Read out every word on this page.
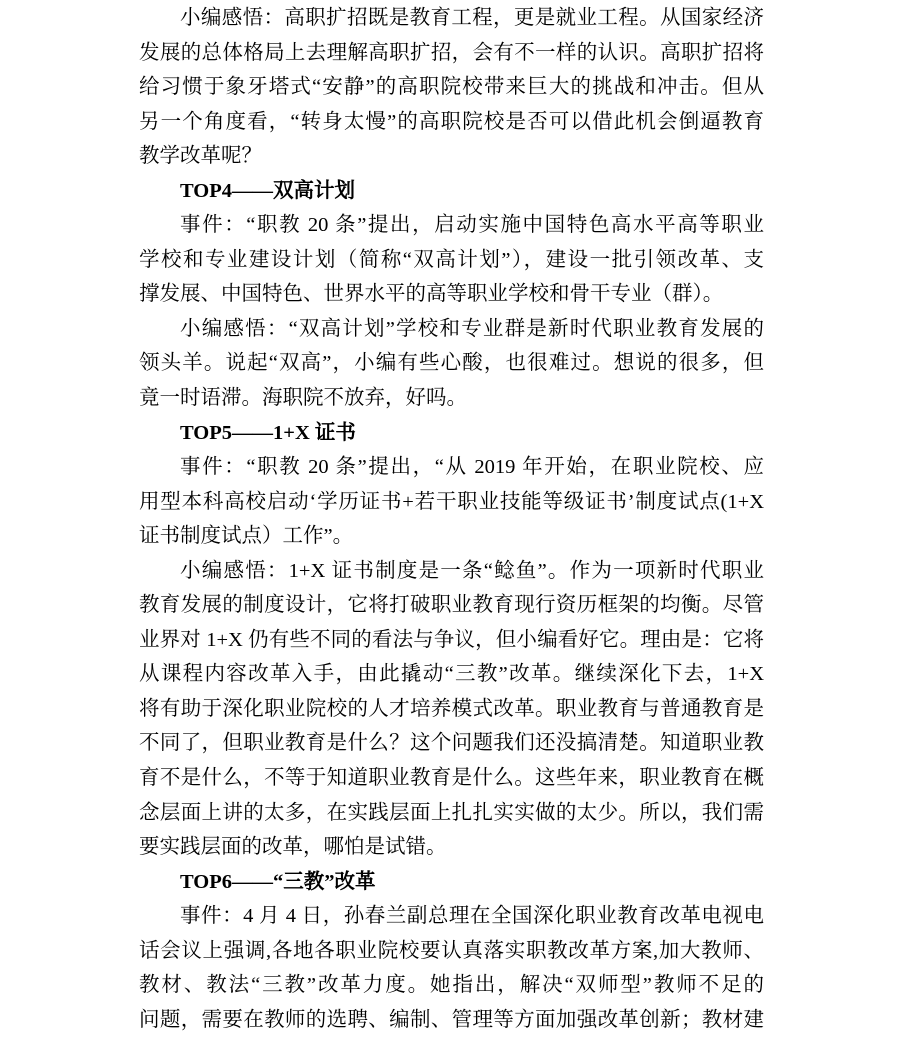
小编感悟：高职扩招既是教育工程，更是就业工程。从国家经济
发展的总体格局上去理解高职扩招，会有不一样的认识。高职扩招将
给习惯于象牙塔式“安静”的高职院校带来巨大的挑战和冲击。但从
另一个角度看，“转身太慢”的高职院校是否可以借此机会倒逼教育
教学改革呢？
TOP4——双高计划
事件：“职教 20 条”提出，启动实施中国特色高水平高等职业
学校和专业建设计划（简称“双高计划”），建设一批引领改革、支
撑发展、中国特色、世界水平的高等职业学校和骨干专业（群）。
小编感悟：“双高计划”学校和专业群是新时代职业教育发展的
领头羊。说起“双高”，小编有些心酸，也很难过。想说的很多，但
竟一时语滞。海职院不放弃，好吗。
TOP5——1+X 证书
事件：“职教 20 条”提出，“从 2019 年开始，在职业院校、应
用型本科高校启动‘学历证书+若干职业技能等级证书’制度试点(1+X
证书制度试点）工作”。
小编感悟：1+X 证书制度是一条“鲶鱼”。作为一项新时代职业
教育发展的制度设计，它将打破职业教育现行资历框架的均衡。尽管
业界对 1+X 仍有些不同的看法与争议，但小编看好它。理由是：它将
从课程内容改革入手，由此撬动“三教”改革。继续深化下去，1+X
将有助于深化职业院校的人才培养模式改革。职业教育与普通教育是
不同了，但职业教育是什么？这个问题我们还没搞清楚。知道职业教
育不是什么，不等于知道职业教育是什么。这些年来，职业教育在概
念层面上讲的太多，在实践层面上扎扎实实做的太少。所以，我们需
要实践层面的改革，哪怕是试错。
TOP6——“三教”改革
事件：4 月 4 日，孙春兰副总理在全国深化职业教育改革电视电
话会议上强调,各地各职业院校要认真落实职教改革方案,加大教师、
教材、教法“三教”改革力度。她指出，解决“双师型”教师不足的
问题，需要在教师的选聘、编制、管理等方面加强改革创新；教材建
